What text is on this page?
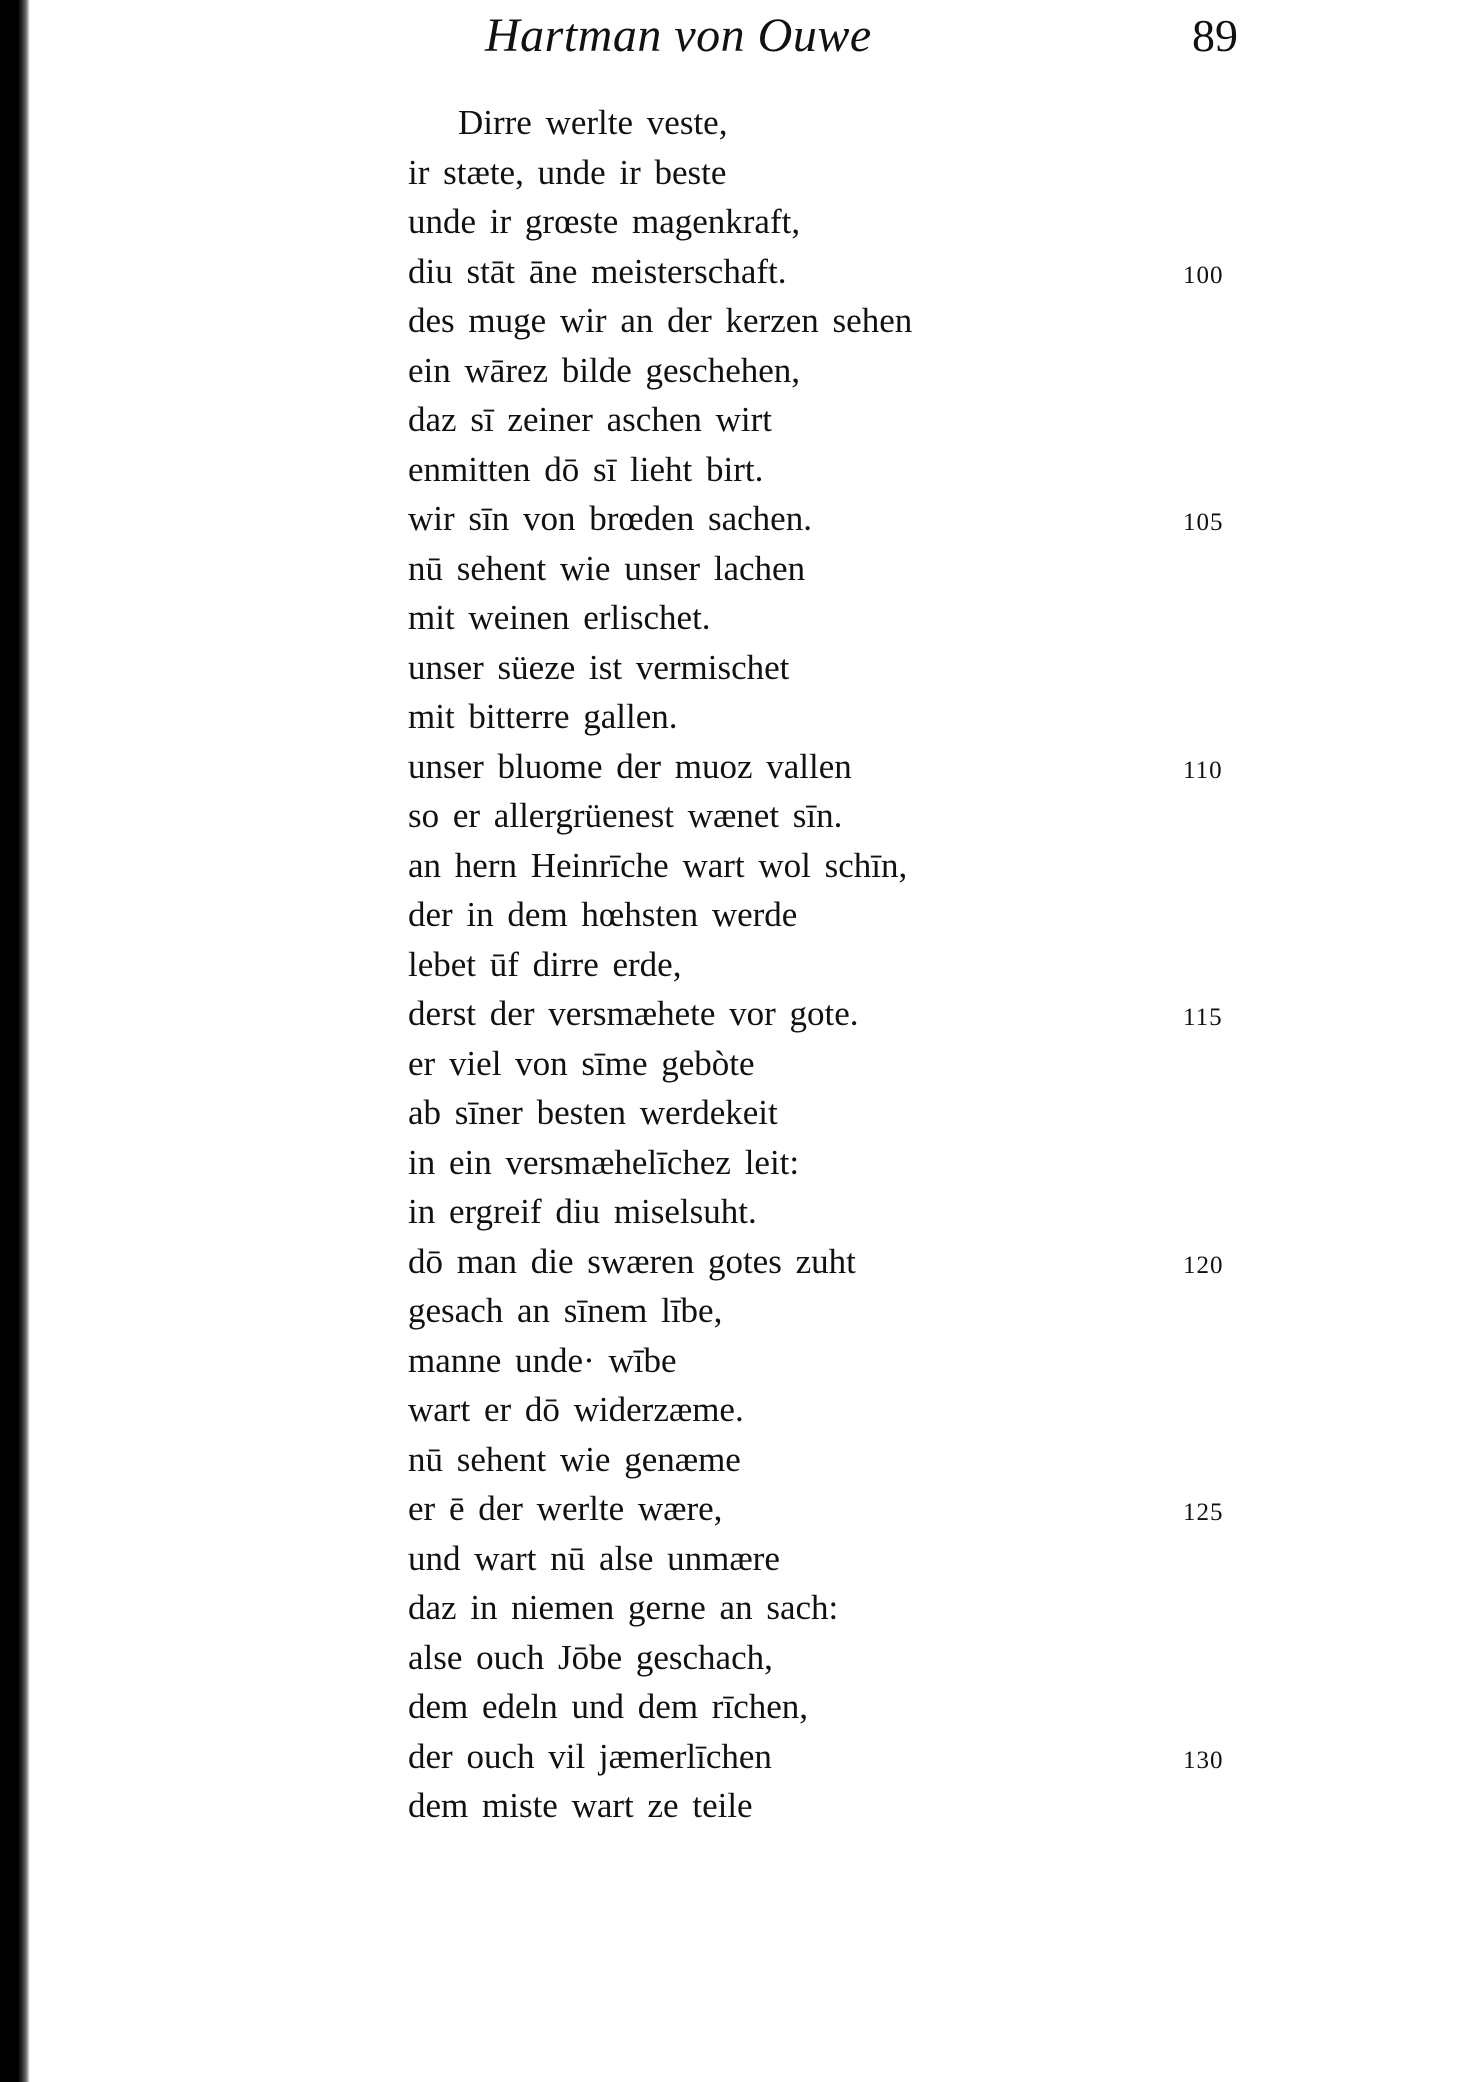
Hartman von Ouwe	89
Dirre werlte veste,
ir stæte, unde ir beste
unde ir grœste magenkraft,
diu stāt āne meisterschaft.	100
des muge wir an der kerzen sehen
ein wārez bilde geschehen,
daz sī zeiner aschen wirt
enmitten dō sī lieht birt.
wir sīn von brœden sachen.	105
nū sehent wie unser lachen
mit weinen erlischet.
unser süeze ist vermischet
mit bitterre gallen.
unser bluome der muoz vallen	110
so er allergrüenest wænet sīn.
an hern Heinrīche wart wol schīn,
der in dem hœhsten werde
lebet ūf dirre erde,
derst der versmæhete vor gote.	115
er viel von sīme gebòte
ab sīner besten werdekeit
in ein versmæhelīchez leit:
in ergreif diu miselsuht.
dō man die swæren gotes zuht	120
gesach an sīnem lībe,
manne unde· wībe
wart er dō widerzæme.
nū sehent wie genæme
er ē der werlte wære,	125
und wart nū alse unmære
daz in niemen gerne an sach:
alse ouch Jōbe geschach,
dem edeln und dem rīchen,
der ouch vil jæmerlīchen	130
dem miste wart ze teile
